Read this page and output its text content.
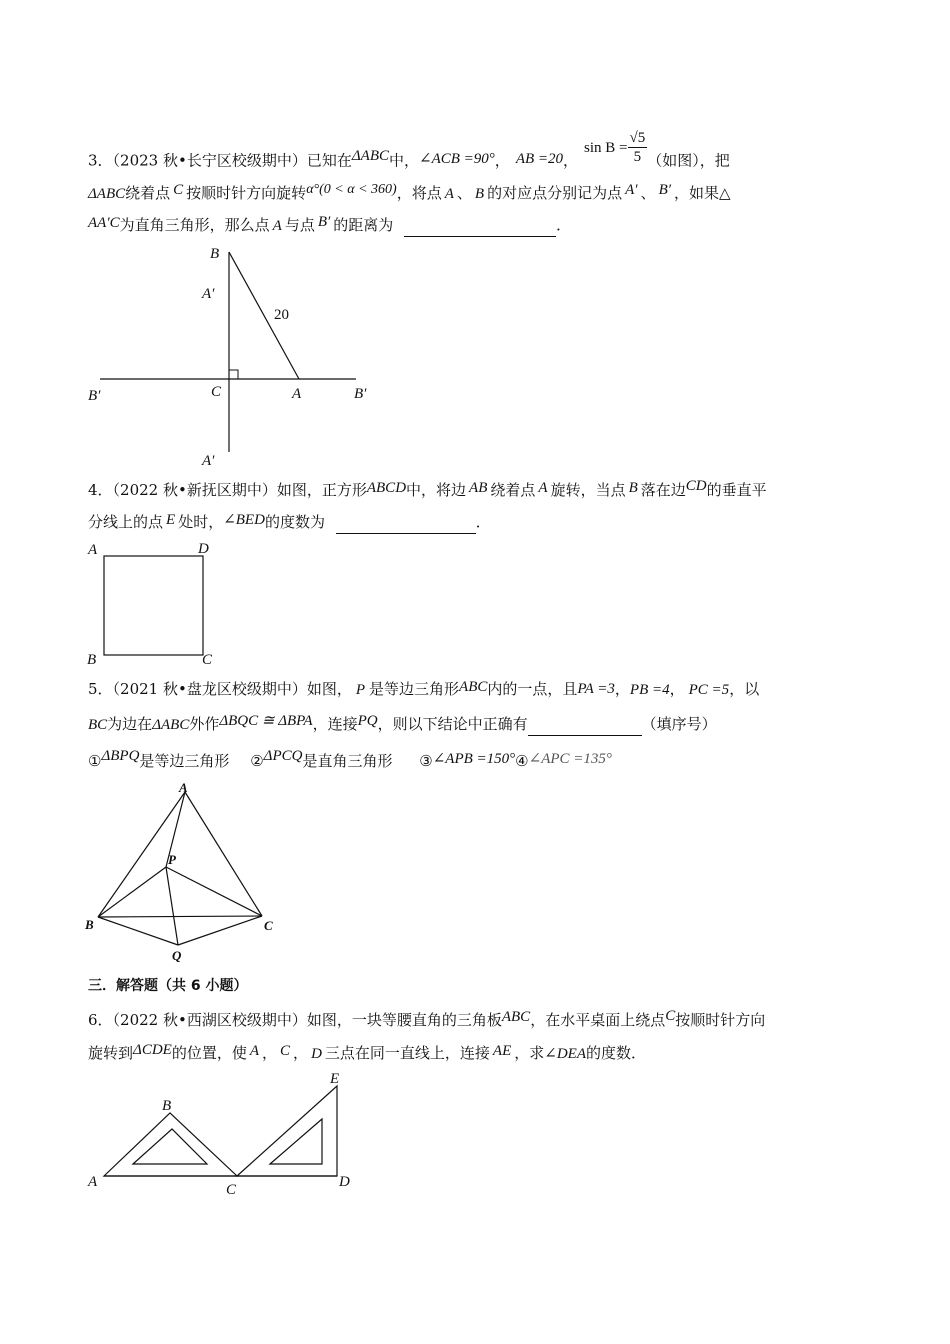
3．（2023 秋•长宁区校级期中）已知在ΔABC中，∠ACB =90°， AB =20，$\sin B = \frac{√5}{5}$ （如图），把
ΔABC绕着点 C 按顺时针方向旋转α°(0 < α < 360)，将点 A 、 B 的对应点分别记为点 A′ 、 B′ ，如果△
AA′C为直角三角形，那么点 A 与点 B′ 的距离为	．
B
A′
20
C	A
B′	B′
A′
4．（2022 秋•新抚区期中）如图，正方形ABCD中，将边 AB 绕着点 A 旋转，当点 B 落在边CD的垂直平
分线上的点 E 处时，∠BED的度数为	．
A	D
B	C
5．（2021 秋•盘龙区校级期中）如图， P 是等边三角形ABC内的一点，且PA =3，PB =4， PC =5，以
BC为边在ΔABC外作ΔBQC ≅ ΔBPA，连接PQ，则以下结论中正确有	（填序号）
①ΔBPQ是等边三角形 ②ΔPCQ是直角三角形 ③∠APB =150°④∠APC =135°
A
P
B	C
Q
三．解答题（共 6 小题）
6．（2022 秋•西湖区校级期中）如图，一块等腰直角的三角板ABC，在水平桌面上绕点C按顺时针方向
旋转到ΔCDE的位置，使 A ， C ， D 三点在同一直线上，连接 AE ，求∠DEA的度数．
B
E
A	C	D
